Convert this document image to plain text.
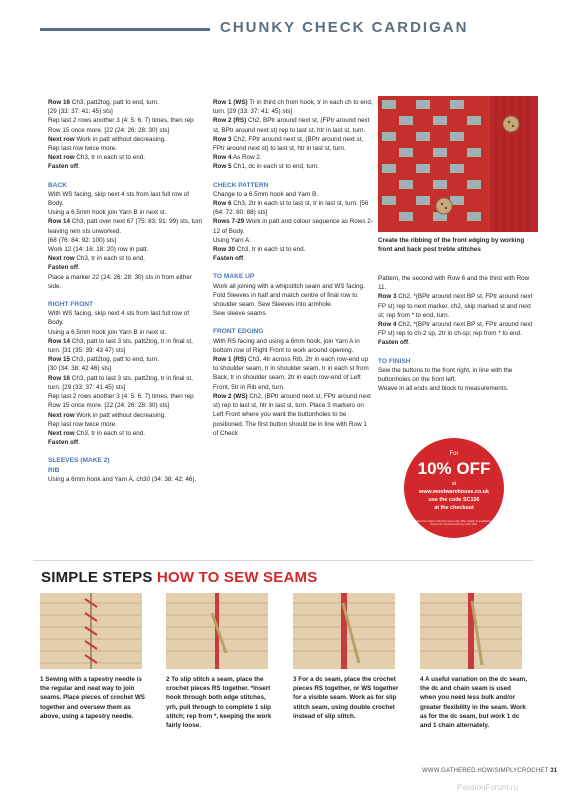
CHUNKY CHECK CARDIGAN
Row 16 Ch3, patt2tog, patt to end, turn.
[29 (33: 37: 41: 45) sts]
Rep last 2 rows another 3 (4: 5: 6: 7) times, then rep Row 15 once more. [22 (24: 26: 28: 30) sts]
Next row Work in patt without decreasing.
Rep last row twice more.
Next row Ch3, tr in each st to end.
Fasten off.
BACK
With WS facing, skip next 4 sts from last full row of Body.
Using a 6.5mm hook join Yarn B in next st.
Row 14 Ch3, patt over next 67 (75: 83: 91: 99) sts, turn leaving rem sts unworked.
[68 (76: 84: 92: 100) sts]
Work 12 (14: 16: 18: 20) row in patt.
Next row Ch3, tr in each st to end.
Fasten off.
Place a marker 22 (24: 26: 28: 30) sts in from either side.
RIGHT FRONT
With WS facing, skip next 4 sts from last full row of Body.
Using a 6.5mm hook join Yarn B in next st.
Row 14 Ch3, patt to last 3 sts, patt2tog, tr in final st, turn. [31 (35: 39: 43 47) sts]
Row 15 Ch3, patt2tog, patt to end, turn.
[30 (34: 38: 42 46) sts]
Row 16 Ch3, patt to last 3 sts, patt2tog, tr in final st, turn. [29 (33: 37: 41 45) sts]
Rep last 2 rows another 3 (4: 5: 6: 7) times, then rep Row 15 once more. [22 (24: 26: 28: 30) sts]
Next row Work in patt without decreasing.
Rep last row twice more.
Next row Ch3, tr in each st to end.
Fasten off.
SLEEVES (MAKE 2)
RIB
Using a 6mm hook and Yarn A, ch30 (34: 38: 42: 46).
Row 1 (WS) Tr in third ch from hook, tr in each ch to end, turn. [29 (33: 37: 41: 45) sts]
Row 2 (RS) Ch2, BPtr around next st, (FPtr around next st, BPtr around next st) rep to last st, htr in last st, turn.
Row 3 Ch2, FPtr around next st, (BPtr around next st, FPtr around next st) to last st, htr in last st, turn.
Row 4 As Row 2.
Row 5 Ch1, dc in each st to end, turn.
CHECK PATTERN
Change to a 6.5mm hook and Yarn B.
Row 6 Ch3, 2tr in each st to last st, tr in last st, turn. [56 (64: 72: 80: 88) sts]
Rows 7-29 Work in patt and colour sequence as Rows 2-12 of Body.
Using Yarn A.
Row 30 Ch3, tr in each st to end.
Fasten off.
TO MAKE UP
Work all joining with a whipstitch seam and WS facing.
Fold Sleeves in half and match centre of final row to shoulder seam. Sew Sleeves into armhole.
Sew sleeve seams.
FRONT EDGING
With RS facing and using a 6mm hook, join Yarn A in bottom row of Right Front to work around opening.
Row 1 (RS) Ch3, 4tr across Rib, 2tr in each row-end up to shoulder seam, tr in shoulder seam, tr in each st from Back, tr in shoulder seam, 2tr in each row-end of Left Front, 5tr in Rib end, turn.
Row 2 (WS) Ch2, (BPtr around next st, FPtr around next st) rep to last st, htr in last st, turn. Place 3 markers on Left Front where you want the buttonholes to be positioned. The first button should be in line with Row 1 of Check
Create the ribbing of the front edging by working front and back post treble stitches
Pattern, the second with Row 6 and the third with Row 11.
Row 3 Ch2, *(BPtr around next BP st, FPtr around next FP st) rep to next marker, ch2, skip marked st and next st; rep from * to end, turn.
Row 4 Ch2, *(BPtr around next BP st, FPtr around next FP st) rep to ch-2 sp, 2tr in ch-sp; rep from * to end.
Fasten off.
TO FINISH
Sew the buttons to the front right, in line with the buttonholes on the front left.
Weave in all ends and block to measurements.
For
10% OFF
at
www.woolwarehouse.co.uk
use the code SC156
at the checkout
Discount valid on full price items only. Offer subject to availability. Cannot be combined with any other offer.
SIMPLE STEPS HOW TO SEW SEAMS
1 Sewing with a tapestry needle is the regular and neat way to join seams. Place pieces of crochet WS together and oversew them as above, using a tapestry needle.
2 To slip stitch a seam, place the crochet pieces RS together. *Insert hook through both edge stitches, yrh, pull through to complete 1 slip stitch; rep from *, keeping the work fairly loose.
3 For a dc seam, place the crochet pieces RS together, or WS together for a visible seam. Work as for slip stitch seam, using double crochet instead of slip stitch.
4 A useful variation on the dc seam, the dc and chain seam is used when you need less bulk and/or greater flexibility in the seam. Work as for the dc seam, but work 1 dc and 1 chain alternately.
WWW.GATHERED.HOW/SIMPLYCROCHET 31
PassionForum.ru
